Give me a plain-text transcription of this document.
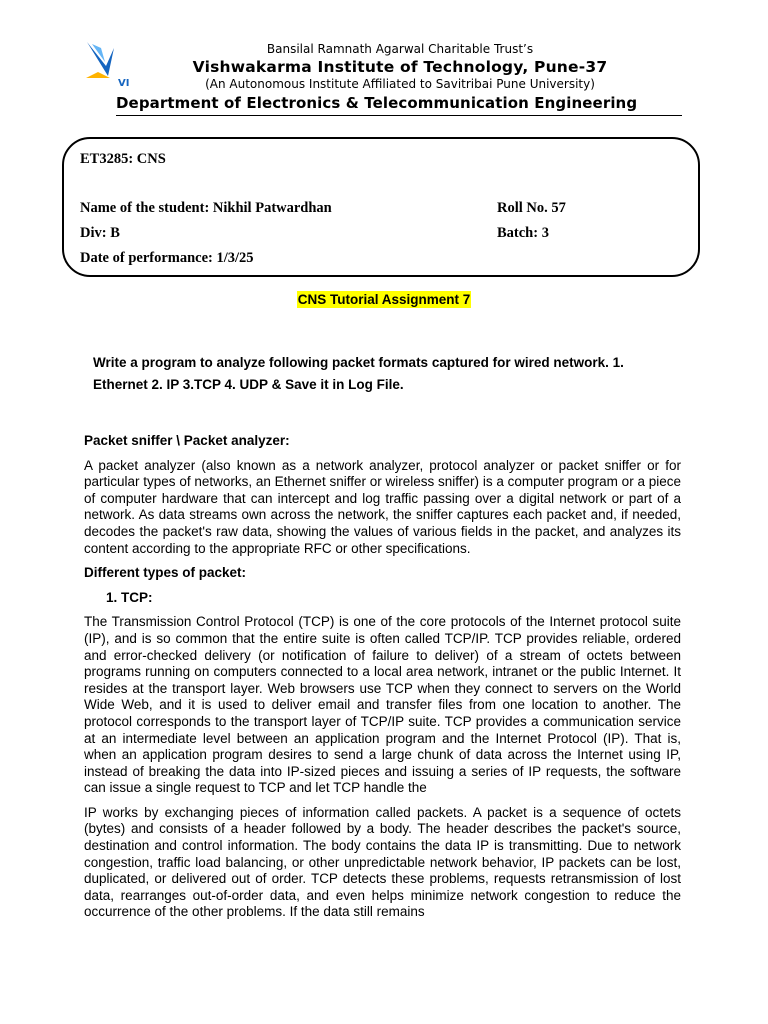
VI
Bansilal Ramnath Agarwal Charitable Trust’s
Vishwakarma Institute of Technology, Pune-37
(An Autonomous Institute Affiliated to Savitribai Pune University)
Department of Electronics & Telecommunication Engineering
ET3285: CNS
Name of the student: Nikhil Patwardhan	Roll No. 57
Div: B	Batch: 3
Date of performance: 1/3/25
CNS Tutorial Assignment 7
Write a program to analyze following packet formats captured for wired network. 1. Ethernet 2. IP 3.TCP 4. UDP & Save it in Log File.
Packet sniffer \ Packet analyzer:

A packet analyzer (also known as a network analyzer, protocol analyzer or packet sniffer or for particular types of networks, an Ethernet sniffer or wireless sniffer) is a computer program or a piece of computer hardware that can intercept and log traffic passing over a digital network or part of a network. As data streams own across the network, the sniffer captures each packet and, if needed, decodes the packet's raw data, showing the values of various fields in the packet, and analyzes its content according to the appropriate RFC or other specifications.

Different types of packet:
1. TCP:

The Transmission Control Protocol (TCP) is one of the core protocols of the Internet protocol suite (IP), and is so common that the entire suite is often called TCP/IP. TCP provides reliable, ordered and error-checked delivery (or notification of failure to deliver) of a stream of octets between programs running on computers connected to a local area network, intranet or the public Internet. It resides at the transport layer. Web browsers use TCP when they connect to servers on the World Wide Web, and it is used to deliver email and transfer files from one location to another. The protocol corresponds to the transport layer of TCP/IP suite. TCP provides a communication service at an intermediate level between an application program and the Internet Protocol (IP). That is, when an application program desires to send a large chunk of data across the Internet using IP, instead of breaking the data into IP-sized pieces and issuing a series of IP requests, the software can issue a single request to TCP and let TCP handle the

IP works by exchanging pieces of information called packets. A packet is a sequence of octets (bytes) and consists of a header followed by a body. The header describes the packet's source, destination and control information. The body contains the data IP is transmitting. Due to network congestion, traffic load balancing, or other unpredictable network behavior, IP packets can be lost, duplicated, or delivered out of order. TCP detects these problems, requests retransmission of lost data, rearranges out-of-order data, and even helps minimize network congestion to reduce the occurrence of the other problems. If the data still remains
